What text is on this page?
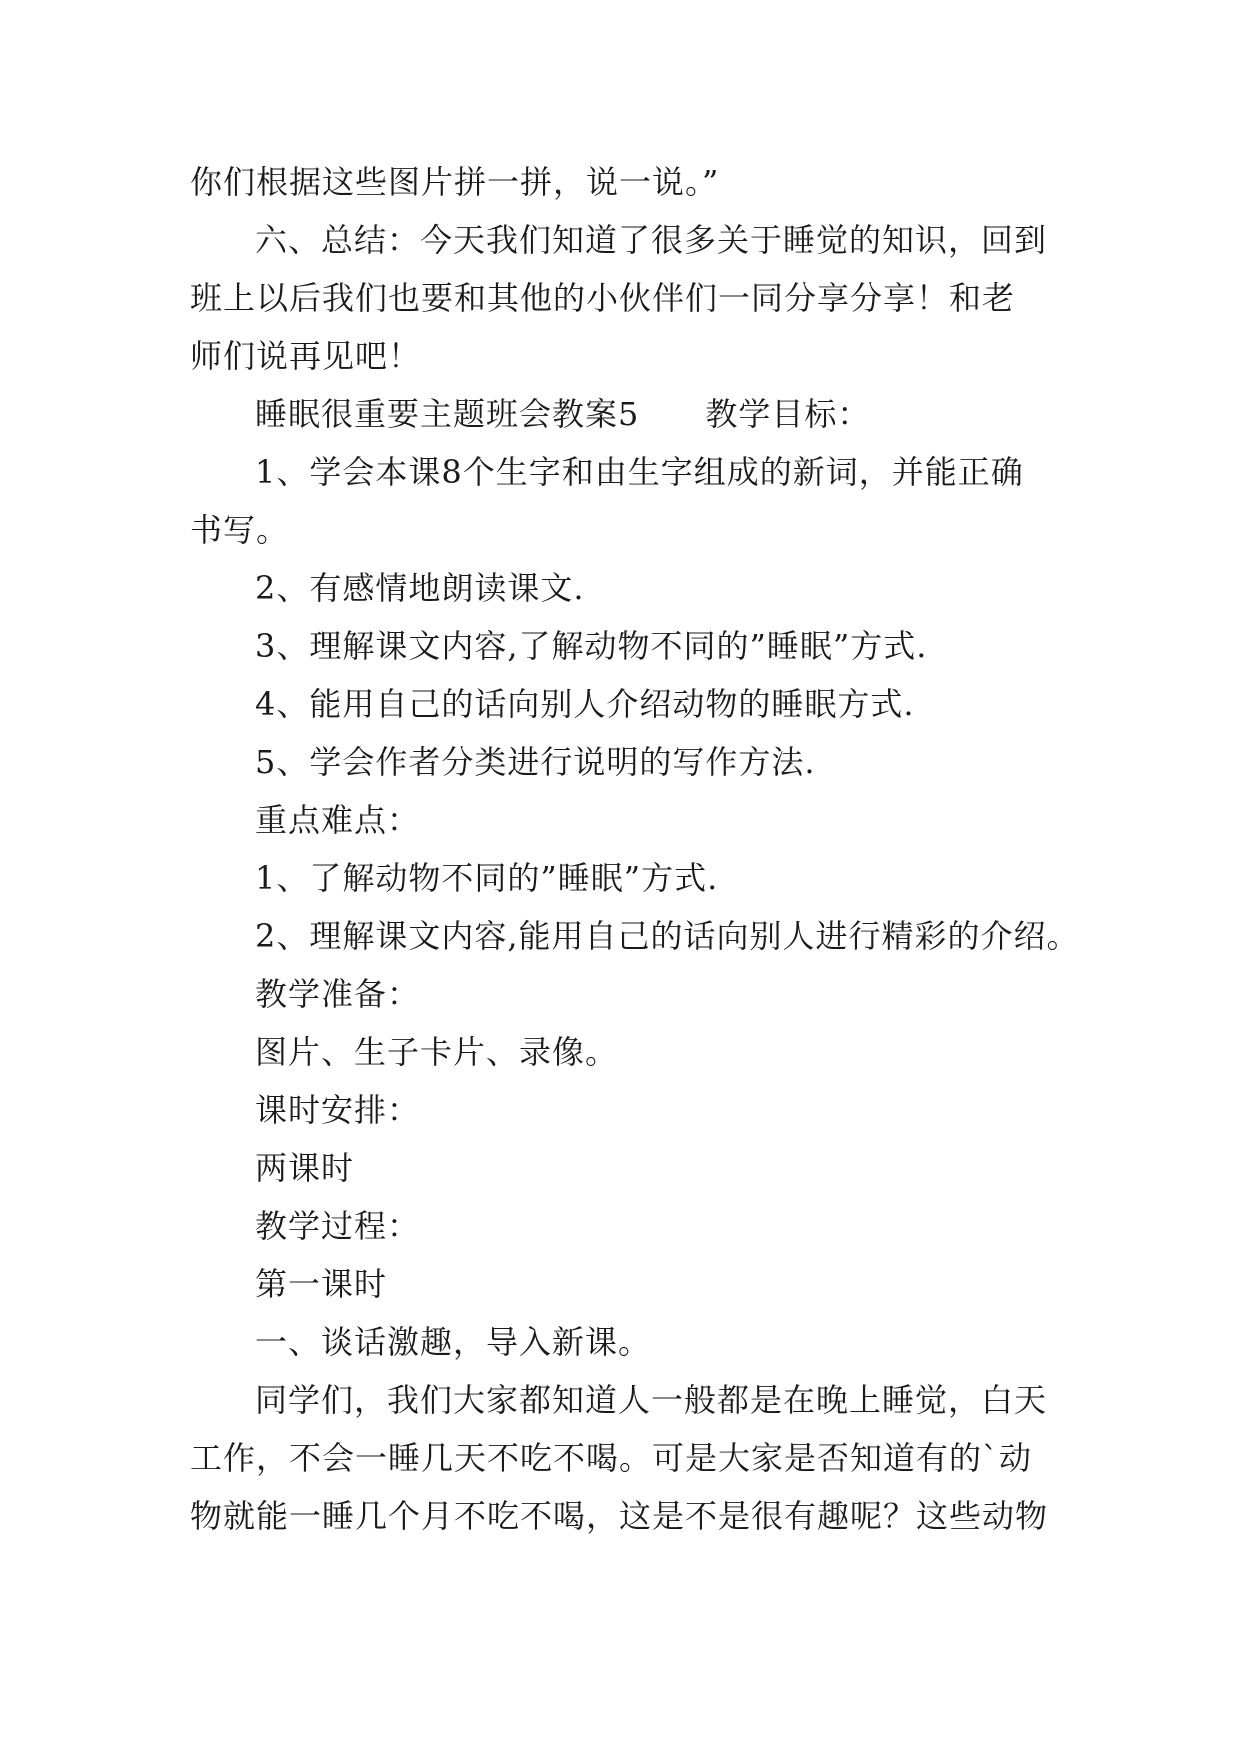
你们根据这些图片拼一拼，说一说。”
六、总结：今天我们知道了很多关于睡觉的知识，回到
班上以后我们也要和其他的小伙伴们一同分享分享！和老
师们说再见吧！
睡眠很重要主题班会教案5　　教学目标：
1、学会本课8个生字和由生字组成的新词，并能正确
书写。
2、有感情地朗读课文.
3、理解课文内容,了解动物不同的”睡眠”方式.
4、能用自己的话向别人介绍动物的睡眠方式.
5、学会作者分类进行说明的写作方法.
重点难点：
1、了解动物不同的”睡眠”方式.
2、理解课文内容,能用自己的话向别人进行精彩的介绍。
教学准备：
图片、生子卡片、录像。
课时安排：
两课时
教学过程：
第一课时
一、谈话激趣，导入新课。
同学们，我们大家都知道人一般都是在晚上睡觉，白天
工作，不会一睡几天不吃不喝。可是大家是否知道有的`动
物就能一睡几个月不吃不喝，这是不是很有趣呢？这些动物
